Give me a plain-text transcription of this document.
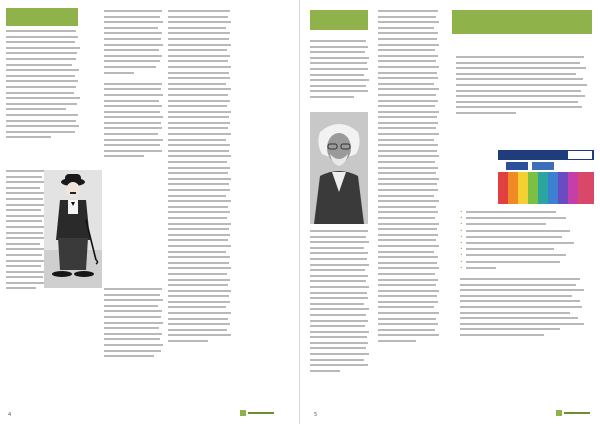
4
•
•
•
•
•
•
•
•
•
•	5
